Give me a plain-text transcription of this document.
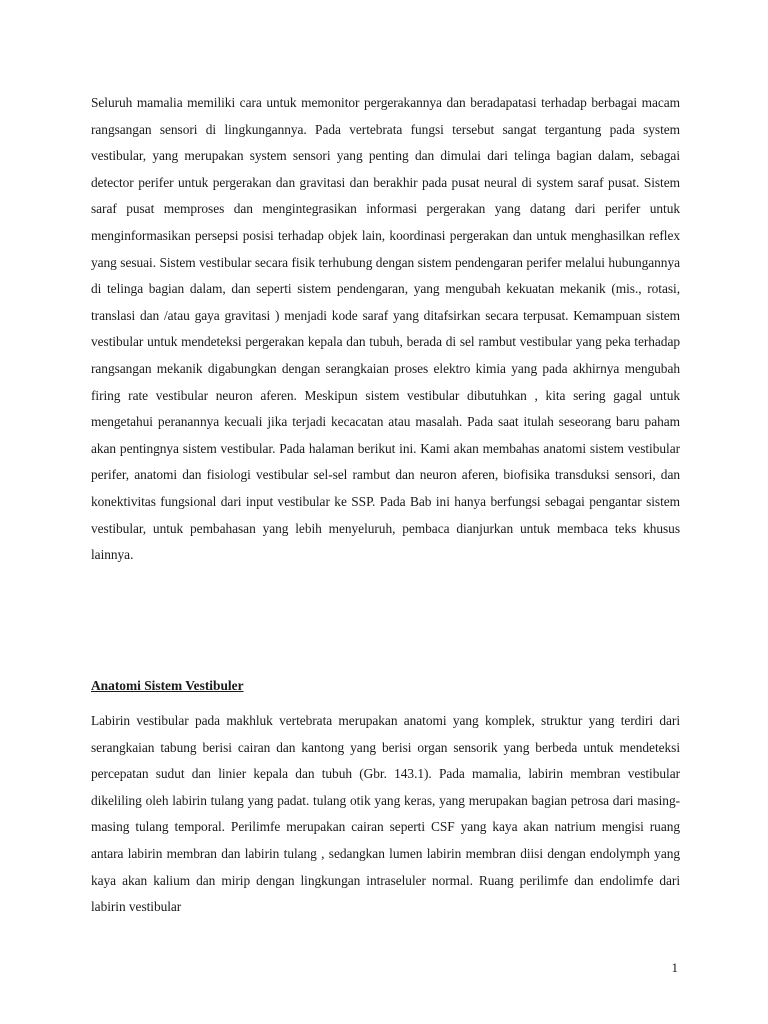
Seluruh mamalia memiliki cara untuk memonitor pergerakannya dan beradapatasi terhadap berbagai macam rangsangan sensori di lingkungannya. Pada vertebrata fungsi tersebut sangat tergantung pada system vestibular, yang merupakan system sensori yang penting dan dimulai dari telinga bagian dalam, sebagai detector perifer untuk pergerakan dan gravitasi dan berakhir pada pusat neural di system saraf pusat. Sistem saraf pusat memproses dan mengintegrasikan informasi pergerakan yang datang dari perifer untuk menginformasikan persepsi posisi terhadap objek lain, koordinasi pergerakan dan untuk menghasilkan reflex yang sesuai. Sistem vestibular secara fisik terhubung dengan sistem pendengaran perifer melalui hubungannya di telinga bagian dalam, dan seperti sistem pendengaran, yang mengubah kekuatan mekanik (mis., rotasi, translasi dan /atau gaya gravitasi ) menjadi kode saraf yang ditafsirkan secara terpusat. Kemampuan sistem vestibular untuk mendeteksi pergerakan kepala dan tubuh, berada di sel rambut vestibular yang peka terhadap rangsangan mekanik digabungkan dengan serangkaian proses elektro kimia yang pada akhirnya mengubah firing rate vestibular neuron aferen. Meskipun sistem vestibular dibutuhkan , kita sering gagal untuk mengetahui peranannya kecuali jika terjadi kecacatan atau masalah. Pada saat itulah seseorang baru paham akan pentingnya sistem vestibular. Pada halaman berikut ini. Kami akan membahas anatomi sistem vestibular perifer, anatomi dan fisiologi vestibular sel-sel rambut dan neuron aferen, biofisika transduksi sensori, dan konektivitas fungsional dari input vestibular ke SSP. Pada Bab ini hanya berfungsi sebagai pengantar sistem vestibular, untuk pembahasan yang lebih menyeluruh, pembaca dianjurkan untuk membaca teks khusus lainnya.

Anatomi Sistem Vestibuler

Labirin vestibular pada makhluk vertebrata merupakan anatomi yang komplek, struktur yang terdiri dari serangkaian tabung berisi cairan dan kantong yang berisi organ sensorik yang berbeda untuk mendeteksi percepatan sudut dan linier kepala dan tubuh (Gbr. 143.1). Pada mamalia, labirin membran vestibular dikeliling oleh labirin tulang yang padat. tulang otik yang keras, yang merupakan bagian petrosa dari masing-masing tulang temporal. Perilimfe merupakan cairan seperti CSF yang kaya akan natrium mengisi ruang antara labirin membran dan labirin tulang , sedangkan lumen labirin membran diisi dengan endolymph yang kaya akan kalium dan mirip dengan lingkungan intraseluler normal. Ruang perilimfe dan endolimfe dari labirin vestibular

1
